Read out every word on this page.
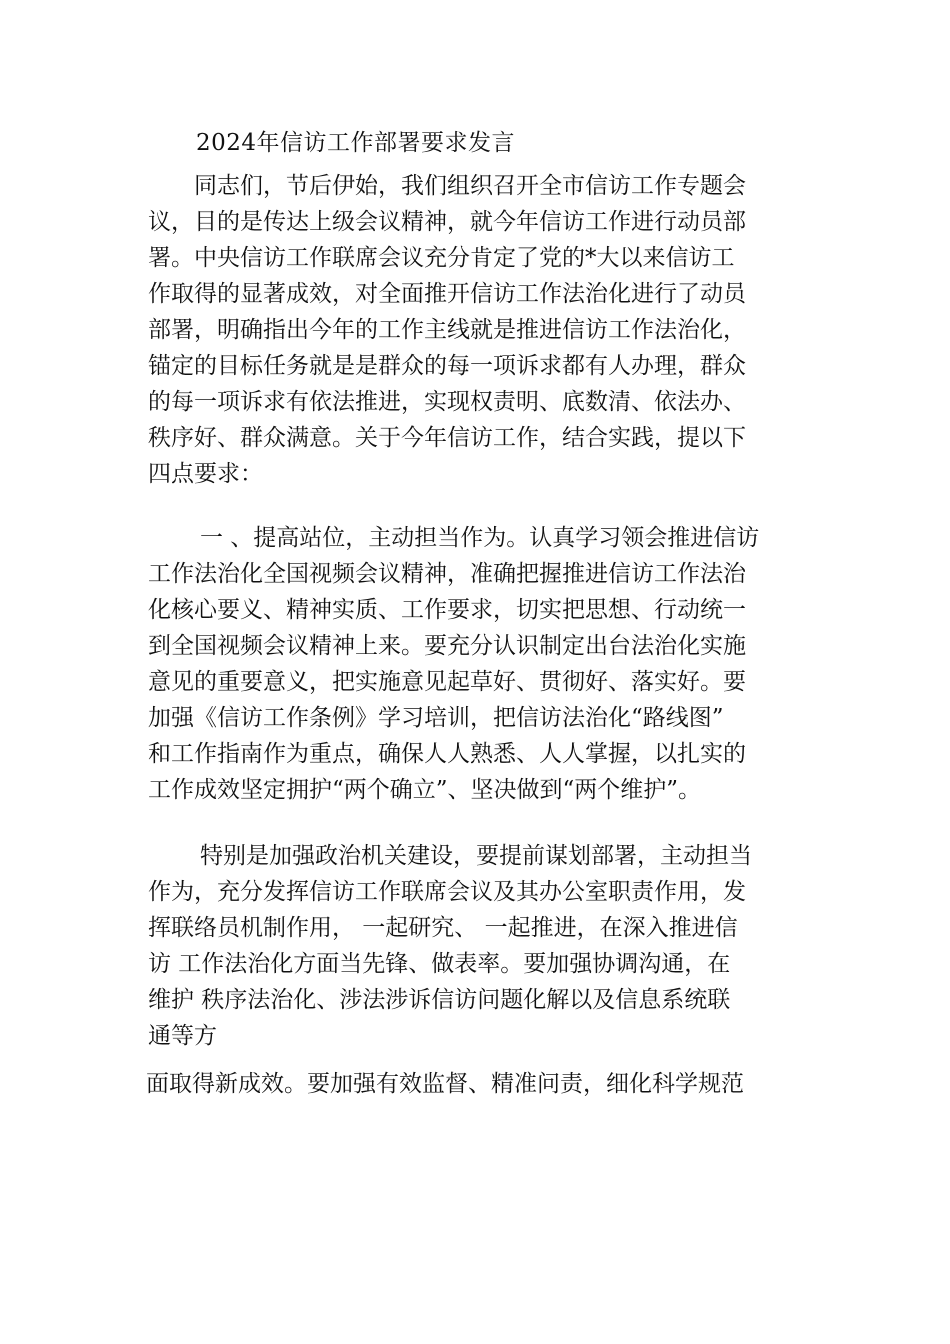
2024年信访工作部署要求发言
同志们，节后伊始，我们组织召开全市信访工作专题会
议，目的是传达上级会议精神，就今年信访工作进行动员部
署。中央信访工作联席会议充分肯定了党的*大以来信访工
作取得的显著成效，对全面推开信访工作法治化进行了动员
部署，明确指出今年的工作主线就是推进信访工作法治化，
锚定的目标任务就是是群众的每一项诉求都有人办理，群众
的每一项诉求有依法推进，实现权责明、底数清、依法办、
秩序好、群众满意。关于今年信访工作，结合实践，提以下
四点要求：
一 、提高站位，主动担当作为。认真学习领会推进信访
工作法治化全国视频会议精神，准确把握推进信访工作法治
化核心要义、精神实质、工作要求，切实把思想、行动统一
到全国视频会议精神上来。要充分认识制定出台法治化实施
意见的重要意义，把实施意见起草好、贯彻好、落实好。要
加强《信访工作条例》学习培训，把信访法治化“路线图”
和工作指南作为重点，确保人人熟悉、人人掌握，以扎实的
工作成效坚定拥护“两个确立”、坚决做到“两个维护”。
特别是加强政治机关建设，要提前谋划部署，主动担当
作为，充分发挥信访工作联席会议及其办公室职责作用，发
挥联络员机制作用， 一起研究、 一起推进，在深入推进信
访 工作法治化方面当先锋、做表率。要加强协调沟通，在
维护 秩序法治化、涉法涉诉信访问题化解以及信息系统联
通等方
面取得新成效。要加强有效监督、精准问责，细化科学规范
